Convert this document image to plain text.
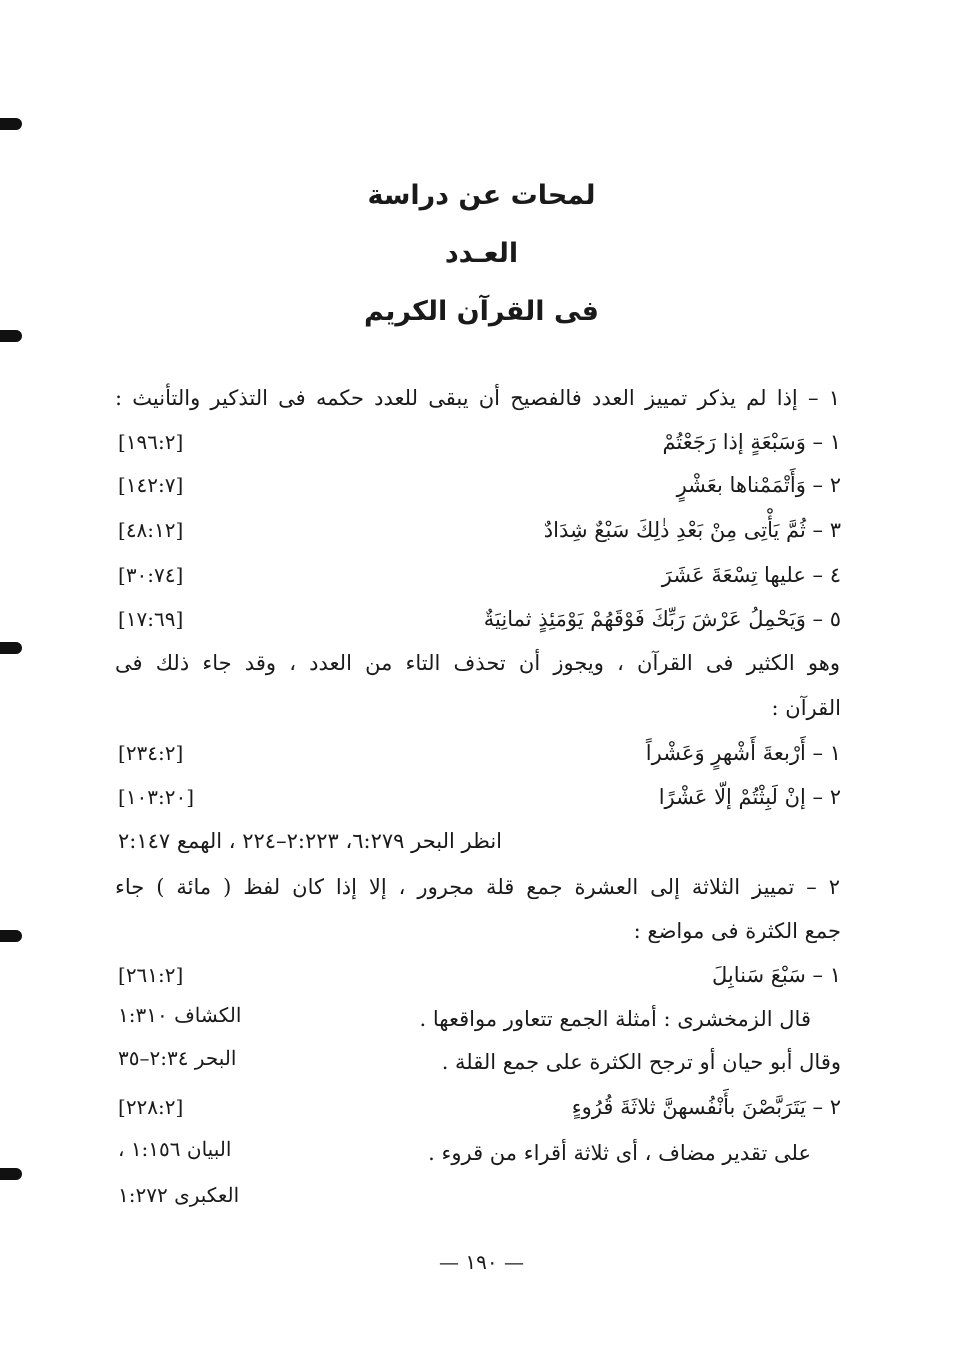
لمحات عن دراسة
العـدد
فى القرآن الكريم
١ – إذا لم يذكر تمييز العدد فالفصيح أن يبقى للعدد حكمه فى التذكير والتأنيث :
١ – وَسَبْعَةٍ إذا رَجَعْتُمْ
[١٩٦:٢]
٢ – وَأَتْمَمْناها بعَشْرٍ
[١٤٢:٧]
٣ – ثُمَّ يَأْتِى مِنْ بَعْدِ ذٰلِكَ سَبْعٌ شِدَادٌ
[٤٨:١٢]
٤ – عليها تِسْعَةَ عَشَرَ
[٣٠:٧٤]
٥ – وَيَحْمِلُ عَرْشَ رَبِّكَ فَوْقَهُمْ يَوْمَئِذٍ ثمانِيَةٌ
[١٧:٦٩]
وهو الكثير فى القرآن ، ويجوز أن تحذف التاء من العدد ، وقد جاء ذلك فى
القرآن :
١ – أَرْبعةَ أَشْهرٍ وَعَشْراً
[٢٣٤:٢]
٢ – إنْ لَبِثْتُمْ إلّا عَشْرًا
[١٠٣:٢٠]
انظر البحر ٦:٢٧٩، ٢:٢٢٣–٢٢٤ ، الهمع ٢:١٤٧
٢ – تمييز الثلاثة إلى العشرة جمع قلة مجرور ، إلا إذا كان لفظ ( مائة ) جاء
جمع الكثرة فى مواضع :
١ – سَبْعَ سَنابِلَ
[٢٦١:٢]
قال الزمخشرى : أمثلة الجمع تتعاور مواقعها .
الكشاف ١:٣١٠
وقال أبو حيان أو ترجح الكثرة على جمع القلة .
البحر ٢:٣٤–٣٥
٢ – يَتَرَبَّصْنَ بأَنْفُسهنَّ ثلاثَةَ قُرُوءٍ
[٢٢٨:٢]
على تقدير مضاف ، أى ثلاثة أقراء من قروء .
البيان ١:١٥٦ ،
العكبرى ١:٢٧٢
— ١٩٠ —
